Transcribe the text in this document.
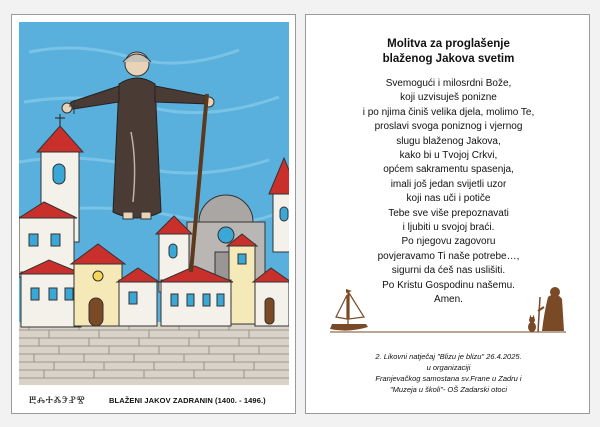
ⰁⰎⰀⰆⰅⰐⰊ	BLAŽENI JAKOV ZADRANIN (1400. - 1496.)
Molitva za proglašenje
blaženog Jakova svetim
Svemogući i milosrdni Bože,
koji uzvisuješ ponizne
i po njima činiš velika djela, molimo Te,
proslavi svoga poniznog i vjernog
slugu blaženog Jakova,
kako bi u Tvojoj Crkvi,
općem sakramentu spasenja,
imali još jedan svijetli uzor
koji nas uči i potiče
Tebe sve više prepoznavati
i ljubiti u svojoj braći.
Po njegovu zagovoru
povjeravamo Ti naše potrebe…,
sigurni da ćeš nas uslišiti.
Po Kristu Gospodinu našemu.
Amen.
2. Likovni natječaj "Blizu je blizu" 26.4.2025.
u organizaciji
Franjevačkog samostana sv.Frane u Zadru i
"Muzeja u školi"- OŠ Zadarski otoci
